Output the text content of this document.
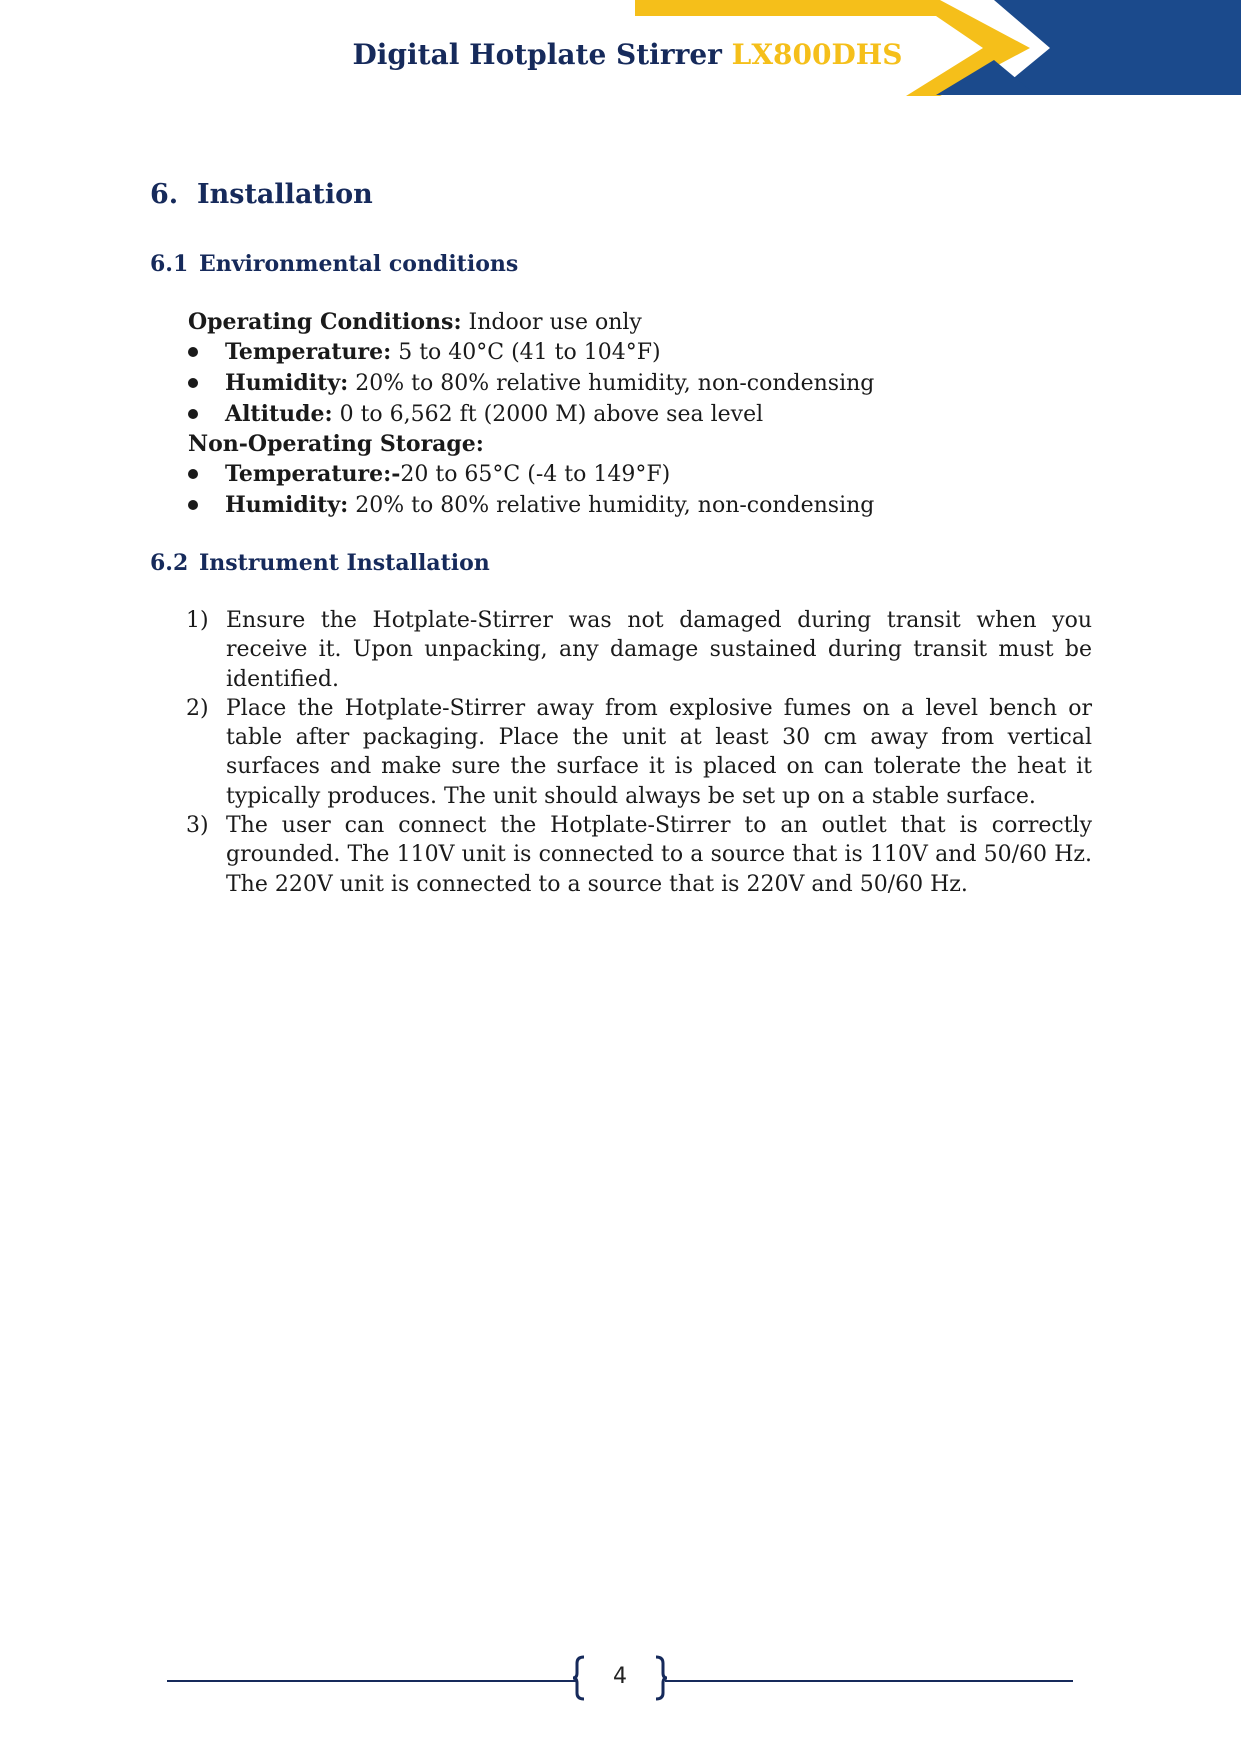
Digital Hotplate Stirrer LX800DHS
6. Installation
6.1 Environmental conditions
Operating Conditions: Indoor use only
Temperature: 5 to 40°C (41 to 104°F)
Humidity: 20% to 80% relative humidity, non-condensing
Altitude: 0 to 6,562 ft (2000 M) above sea level
Non-Operating Storage:
Temperature:-20 to 65°C (-4 to 149°F)
Humidity: 20% to 80% relative humidity, non-condensing
6.2 Instrument Installation
1) Ensure the Hotplate-Stirrer was not damaged during transit when you receive it. Upon unpacking, any damage sustained during transit must be identified.
2) Place the Hotplate-Stirrer away from explosive fumes on a level bench or table after packaging. Place the unit at least 30 cm away from vertical surfaces and make sure the surface it is placed on can tolerate the heat it typically produces. The unit should always be set up on a stable surface.
3) The user can connect the Hotplate-Stirrer to an outlet that is correctly grounded. The 110V unit is connected to a source that is 110V and 50/60 Hz. The 220V unit is connected to a source that is 220V and 50/60 Hz.
4
